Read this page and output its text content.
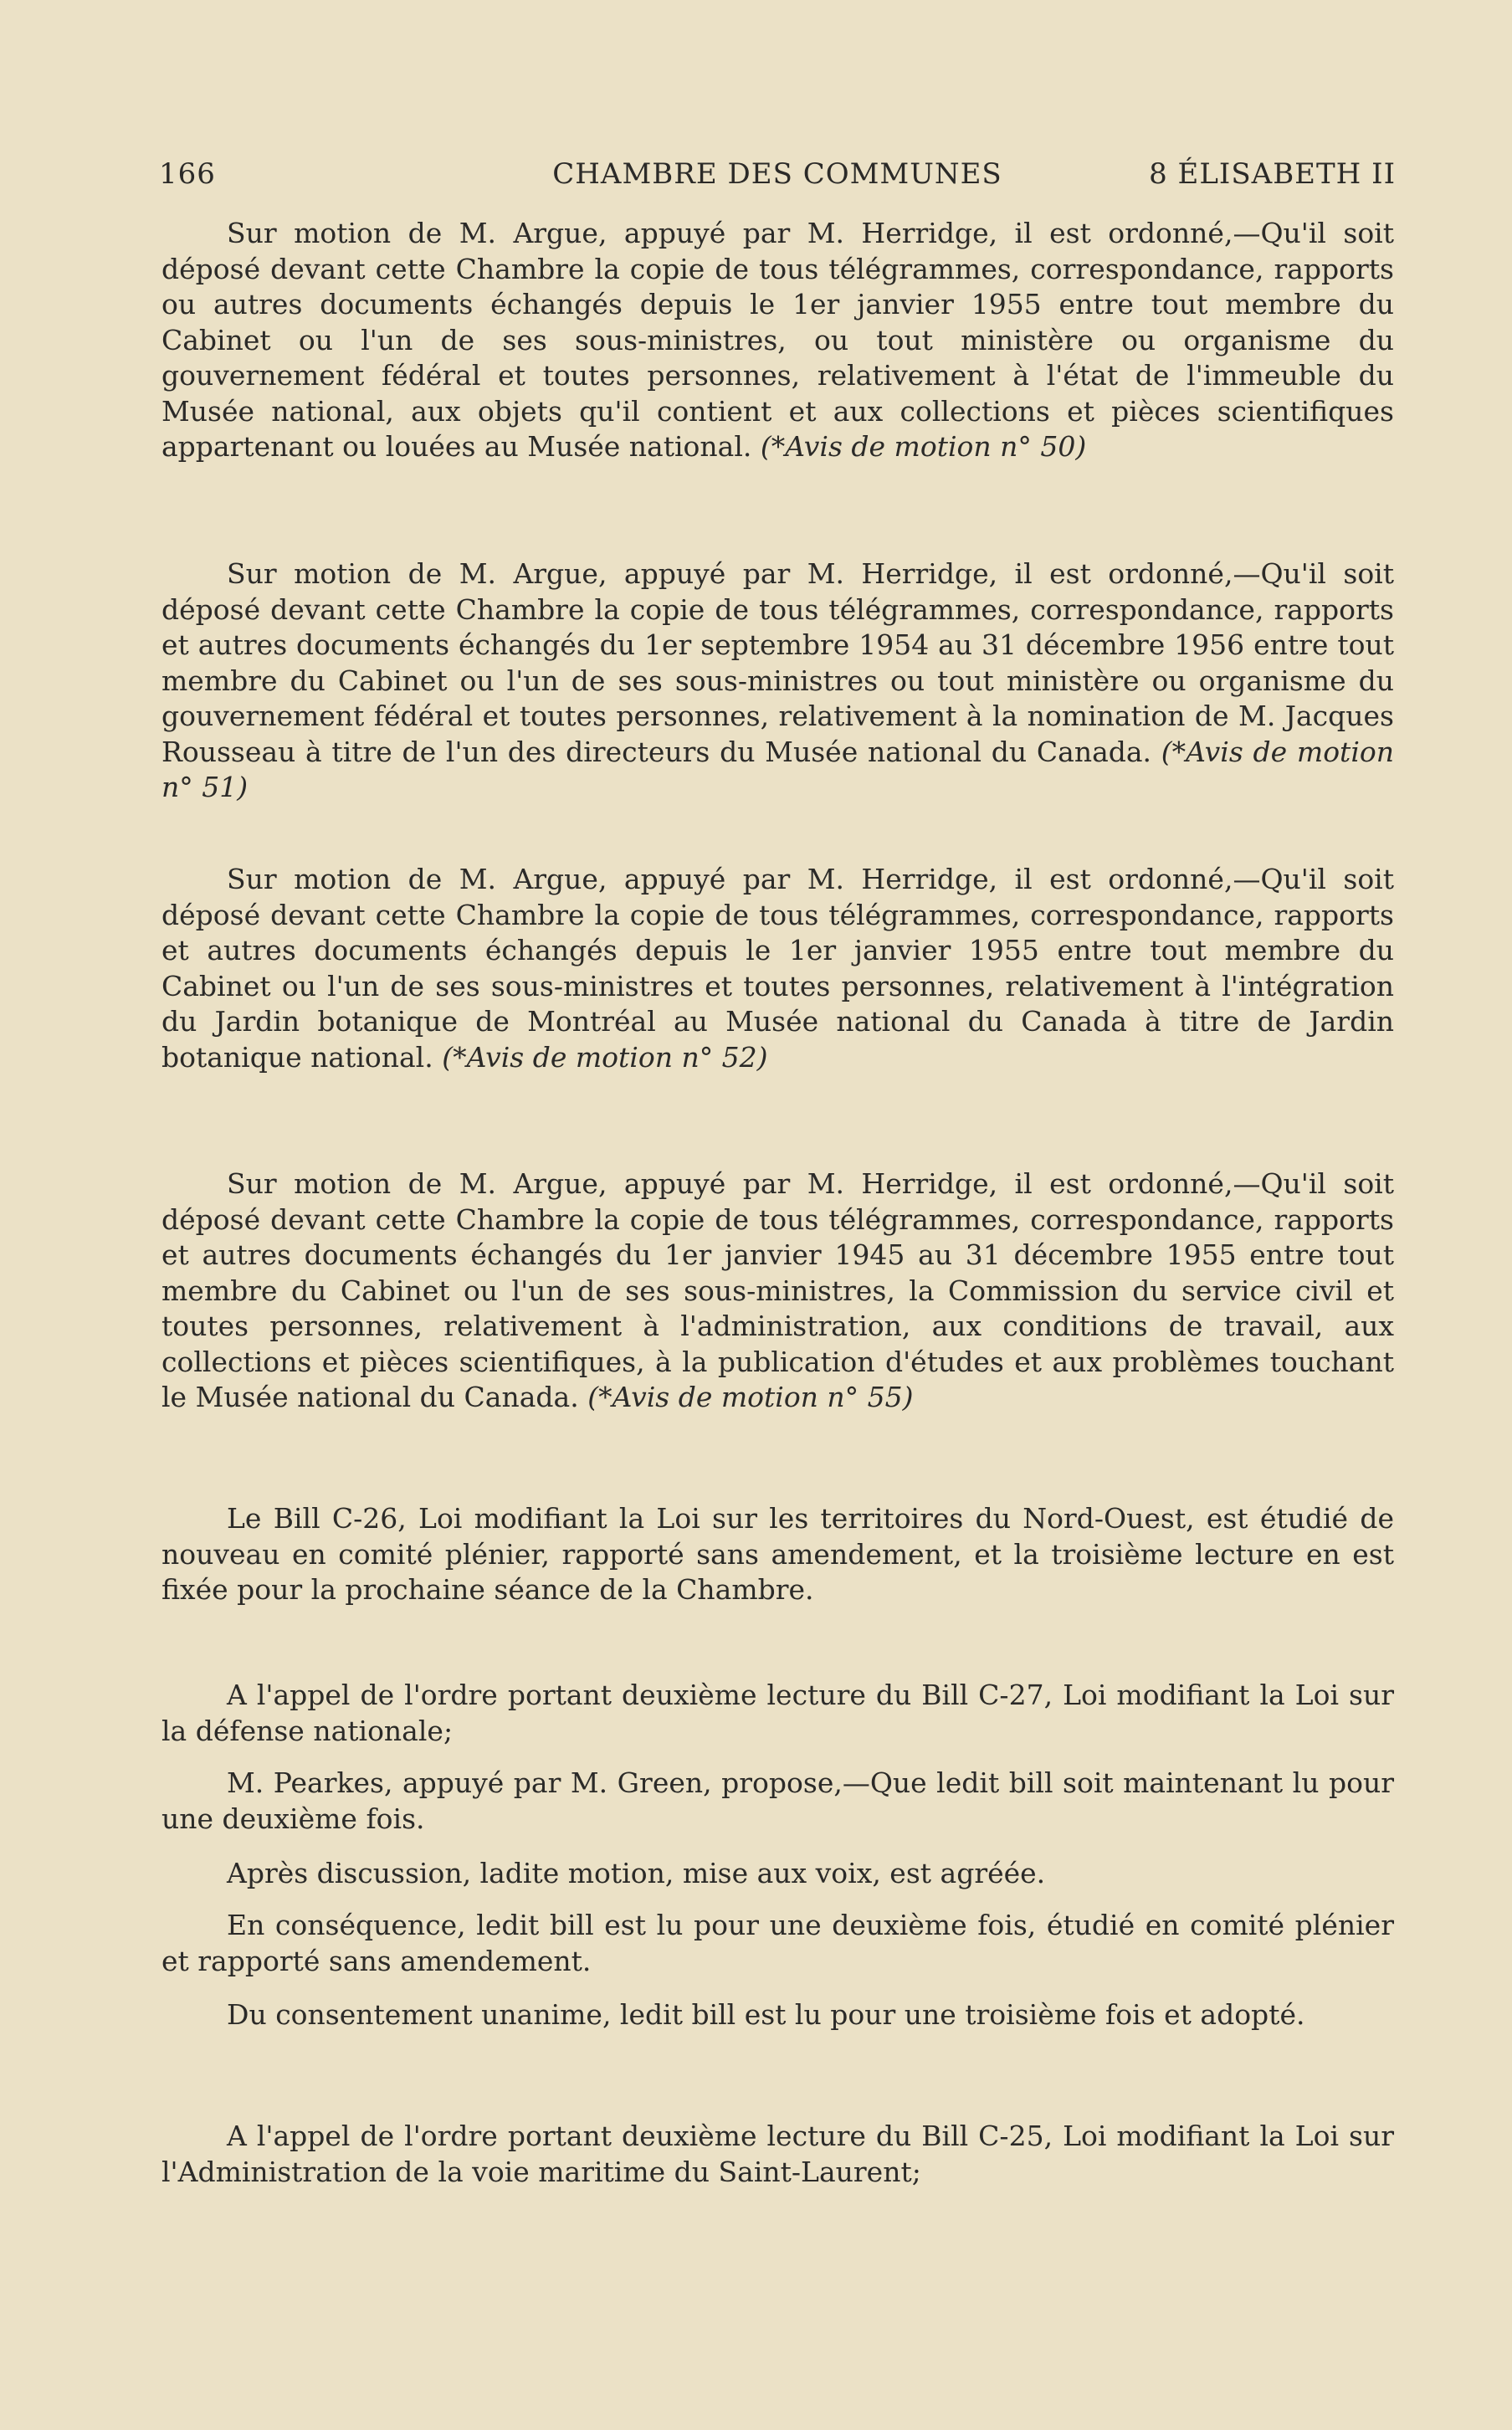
166	CHAMBRE DES COMMUNES	8 ÉLISABETH II

Sur motion de M. Argue, appuyé par M. Herridge, il est ordonné,—Qu'il soit déposé devant cette Chambre la copie de tous télégrammes, correspondance, rapports ou autres documents échangés depuis le 1er janvier 1955 entre tout membre du Cabinet ou l'un de ses sous-ministres, ou tout ministère ou organisme du gouvernement fédéral et toutes personnes, relativement à l'état de l'immeuble du Musée national, aux objets qu'il contient et aux collections et pièces scientifiques appartenant ou louées au Musée national. (*Avis de motion n° 50)

Sur motion de M. Argue, appuyé par M. Herridge, il est ordonné,—Qu'il soit déposé devant cette Chambre la copie de tous télégrammes, correspondance, rapports et autres documents échangés du 1er septembre 1954 au 31 décembre 1956 entre tout membre du Cabinet ou l'un de ses sous-ministres ou tout ministère ou organisme du gouvernement fédéral et toutes personnes, relativement à la nomination de M. Jacques Rousseau à titre de l'un des directeurs du Musée national du Canada. (*Avis de motion n° 51)

Sur motion de M. Argue, appuyé par M. Herridge, il est ordonné,—Qu'il soit déposé devant cette Chambre la copie de tous télégrammes, correspondance, rapports et autres documents échangés depuis le 1er janvier 1955 entre tout membre du Cabinet ou l'un de ses sous-ministres et toutes personnes, relativement à l'intégration du Jardin botanique de Montréal au Musée national du Canada à titre de Jardin botanique national. (*Avis de motion n° 52)

Sur motion de M. Argue, appuyé par M. Herridge, il est ordonné,—Qu'il soit déposé devant cette Chambre la copie de tous télégrammes, correspondance, rapports et autres documents échangés du 1er janvier 1945 au 31 décembre 1955 entre tout membre du Cabinet ou l'un de ses sous-ministres, la Commission du service civil et toutes personnes, relativement à l'administration, aux conditions de travail, aux collections et pièces scientifiques, à la publication d'études et aux problèmes touchant le Musée national du Canada. (*Avis de motion n° 55)

Le Bill C-26, Loi modifiant la Loi sur les territoires du Nord-Ouest, est étudié de nouveau en comité plénier, rapporté sans amendement, et la troisième lecture en est fixée pour la prochaine séance de la Chambre.

A l'appel de l'ordre portant deuxième lecture du Bill C-27, Loi modifiant la Loi sur la défense nationale;

M. Pearkes, appuyé par M. Green, propose,—Que ledit bill soit maintenant lu pour une deuxième fois.

Après discussion, ladite motion, mise aux voix, est agréée.

En conséquence, ledit bill est lu pour une deuxième fois, étudié en comité plénier et rapporté sans amendement.

Du consentement unanime, ledit bill est lu pour une troisième fois et adopté.

A l'appel de l'ordre portant deuxième lecture du Bill C-25, Loi modifiant la Loi sur l'Administration de la voie maritime du Saint-Laurent;
